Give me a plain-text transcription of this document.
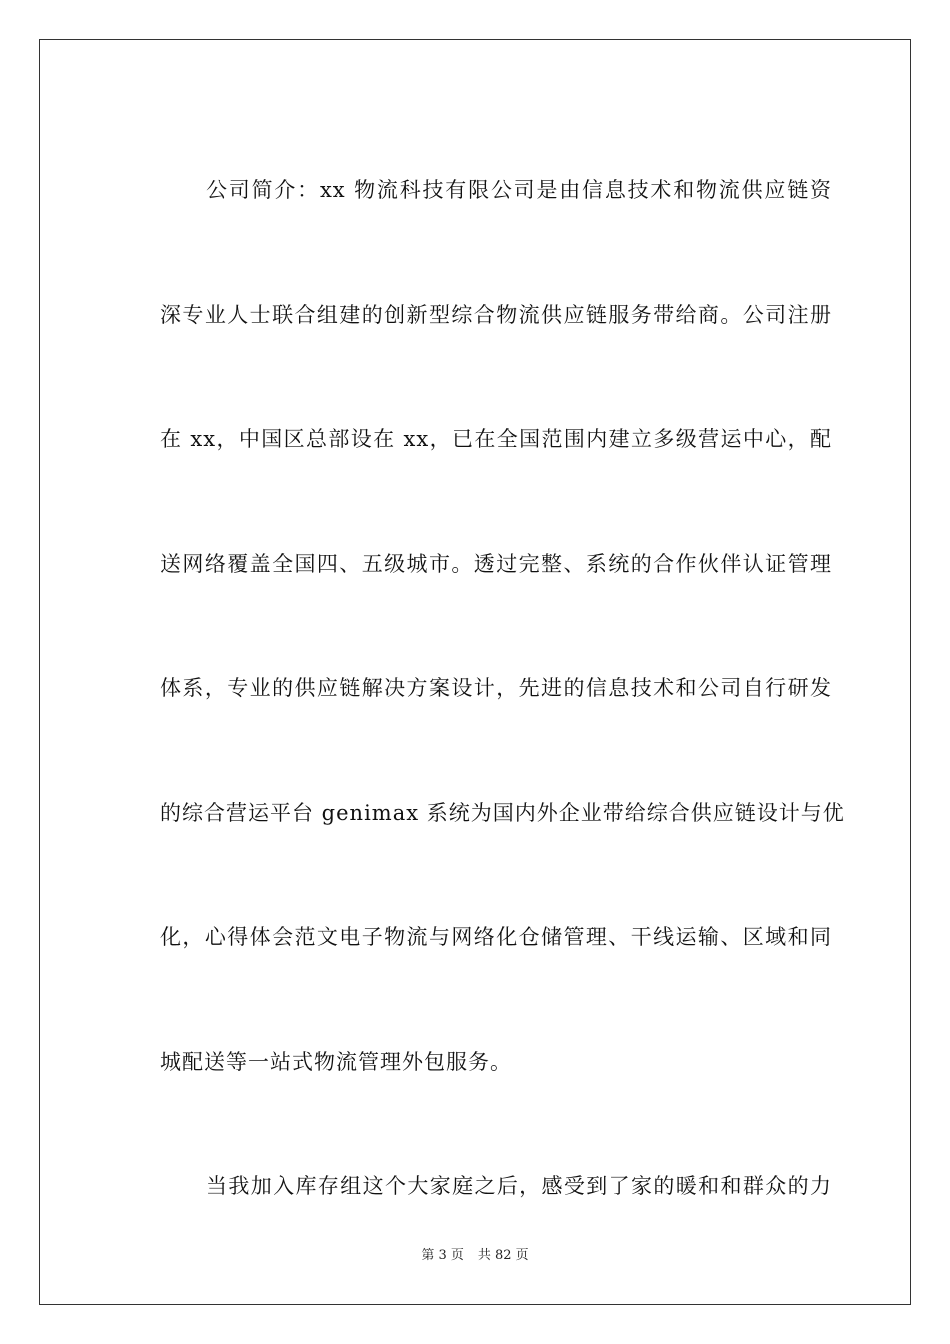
公司简介：xx 物流科技有限公司是由信息技术和物流供应链资
深专业人士联合组建的创新型综合物流供应链服务带给商。公司注册
在 xx，中国区总部设在 xx，已在全国范围内建立多级营运中心，配
送网络覆盖全国四、五级城市。透过完整、系统的合作伙伴认证管理
体系，专业的供应链解决方案设计，先进的信息技术和公司自行研发
的综合营运平台 genimax 系统为国内外企业带给综合供应链设计与优
化，心得体会范文电子物流与网络化仓储管理、干线运输、区域和同
城配送等一站式物流管理外包服务。
当我加入库存组这个大家庭之后，感受到了家的暖和和群众的力
第 3 页 共 82 页
